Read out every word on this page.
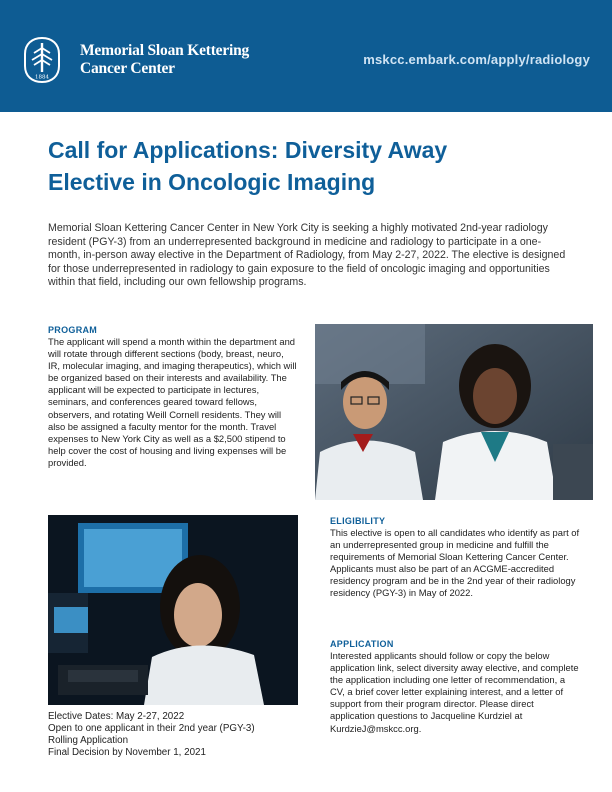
1884
Memorial Sloan Kettering
Cancer Center
mskcc.embark.com/apply/radiology
Call for Applications: Diversity Away
Elective in Oncologic Imaging
Memorial Sloan Kettering Cancer Center in New York City is seeking a highly motivated 2nd-year radiology resident (PGY-3) from an underrepresented background in medicine and radiology to participate in a one-month, in-person away elective in the Department of Radiology, from May 2-27, 2022. The elective is designed for those underrepresented in radiology to gain exposure to the field of oncologic imaging and opportunities within that field, including our own fellowship programs.
PROGRAM
The applicant will spend a month within the department and will rotate through different sections (body, breast, neuro, IR, molecular imaging, and imaging therapeutics), which will be organized based on their interests and availability. The applicant will be expected to participate in lectures, seminars, and conferences geared toward fellows, observers, and rotating Weill Cornell residents. They will also be assigned a faculty mentor for the month. Travel expenses to New York City as well as a $2,500 stipend to help cover the cost of housing and living expenses will be provided.
ELIGIBILITY
This elective is open to all candidates who identify as part of an underrepresented group in medicine and fulfill the requirements of Memorial Sloan Kettering Cancer Center. Applicants must also be part of an ACGME-accredited residency program and be in the 2nd year of their radiology residency (PGY-3) in May of 2022.
APPLICATION
Interested applicants should follow or copy the below application link, select diversity away elective, and complete the application including one letter of recommendation, a CV, a brief cover letter explaining interest, and a letter of support from their program director. Please direct application questions to Jacqueline Kurdziel at KurdzieJ@mskcc.org.
Elective Dates: May 2-27, 2022
Open to one applicant in their 2nd year (PGY-3)
Rolling Application
Final Decision by November 1, 2021
